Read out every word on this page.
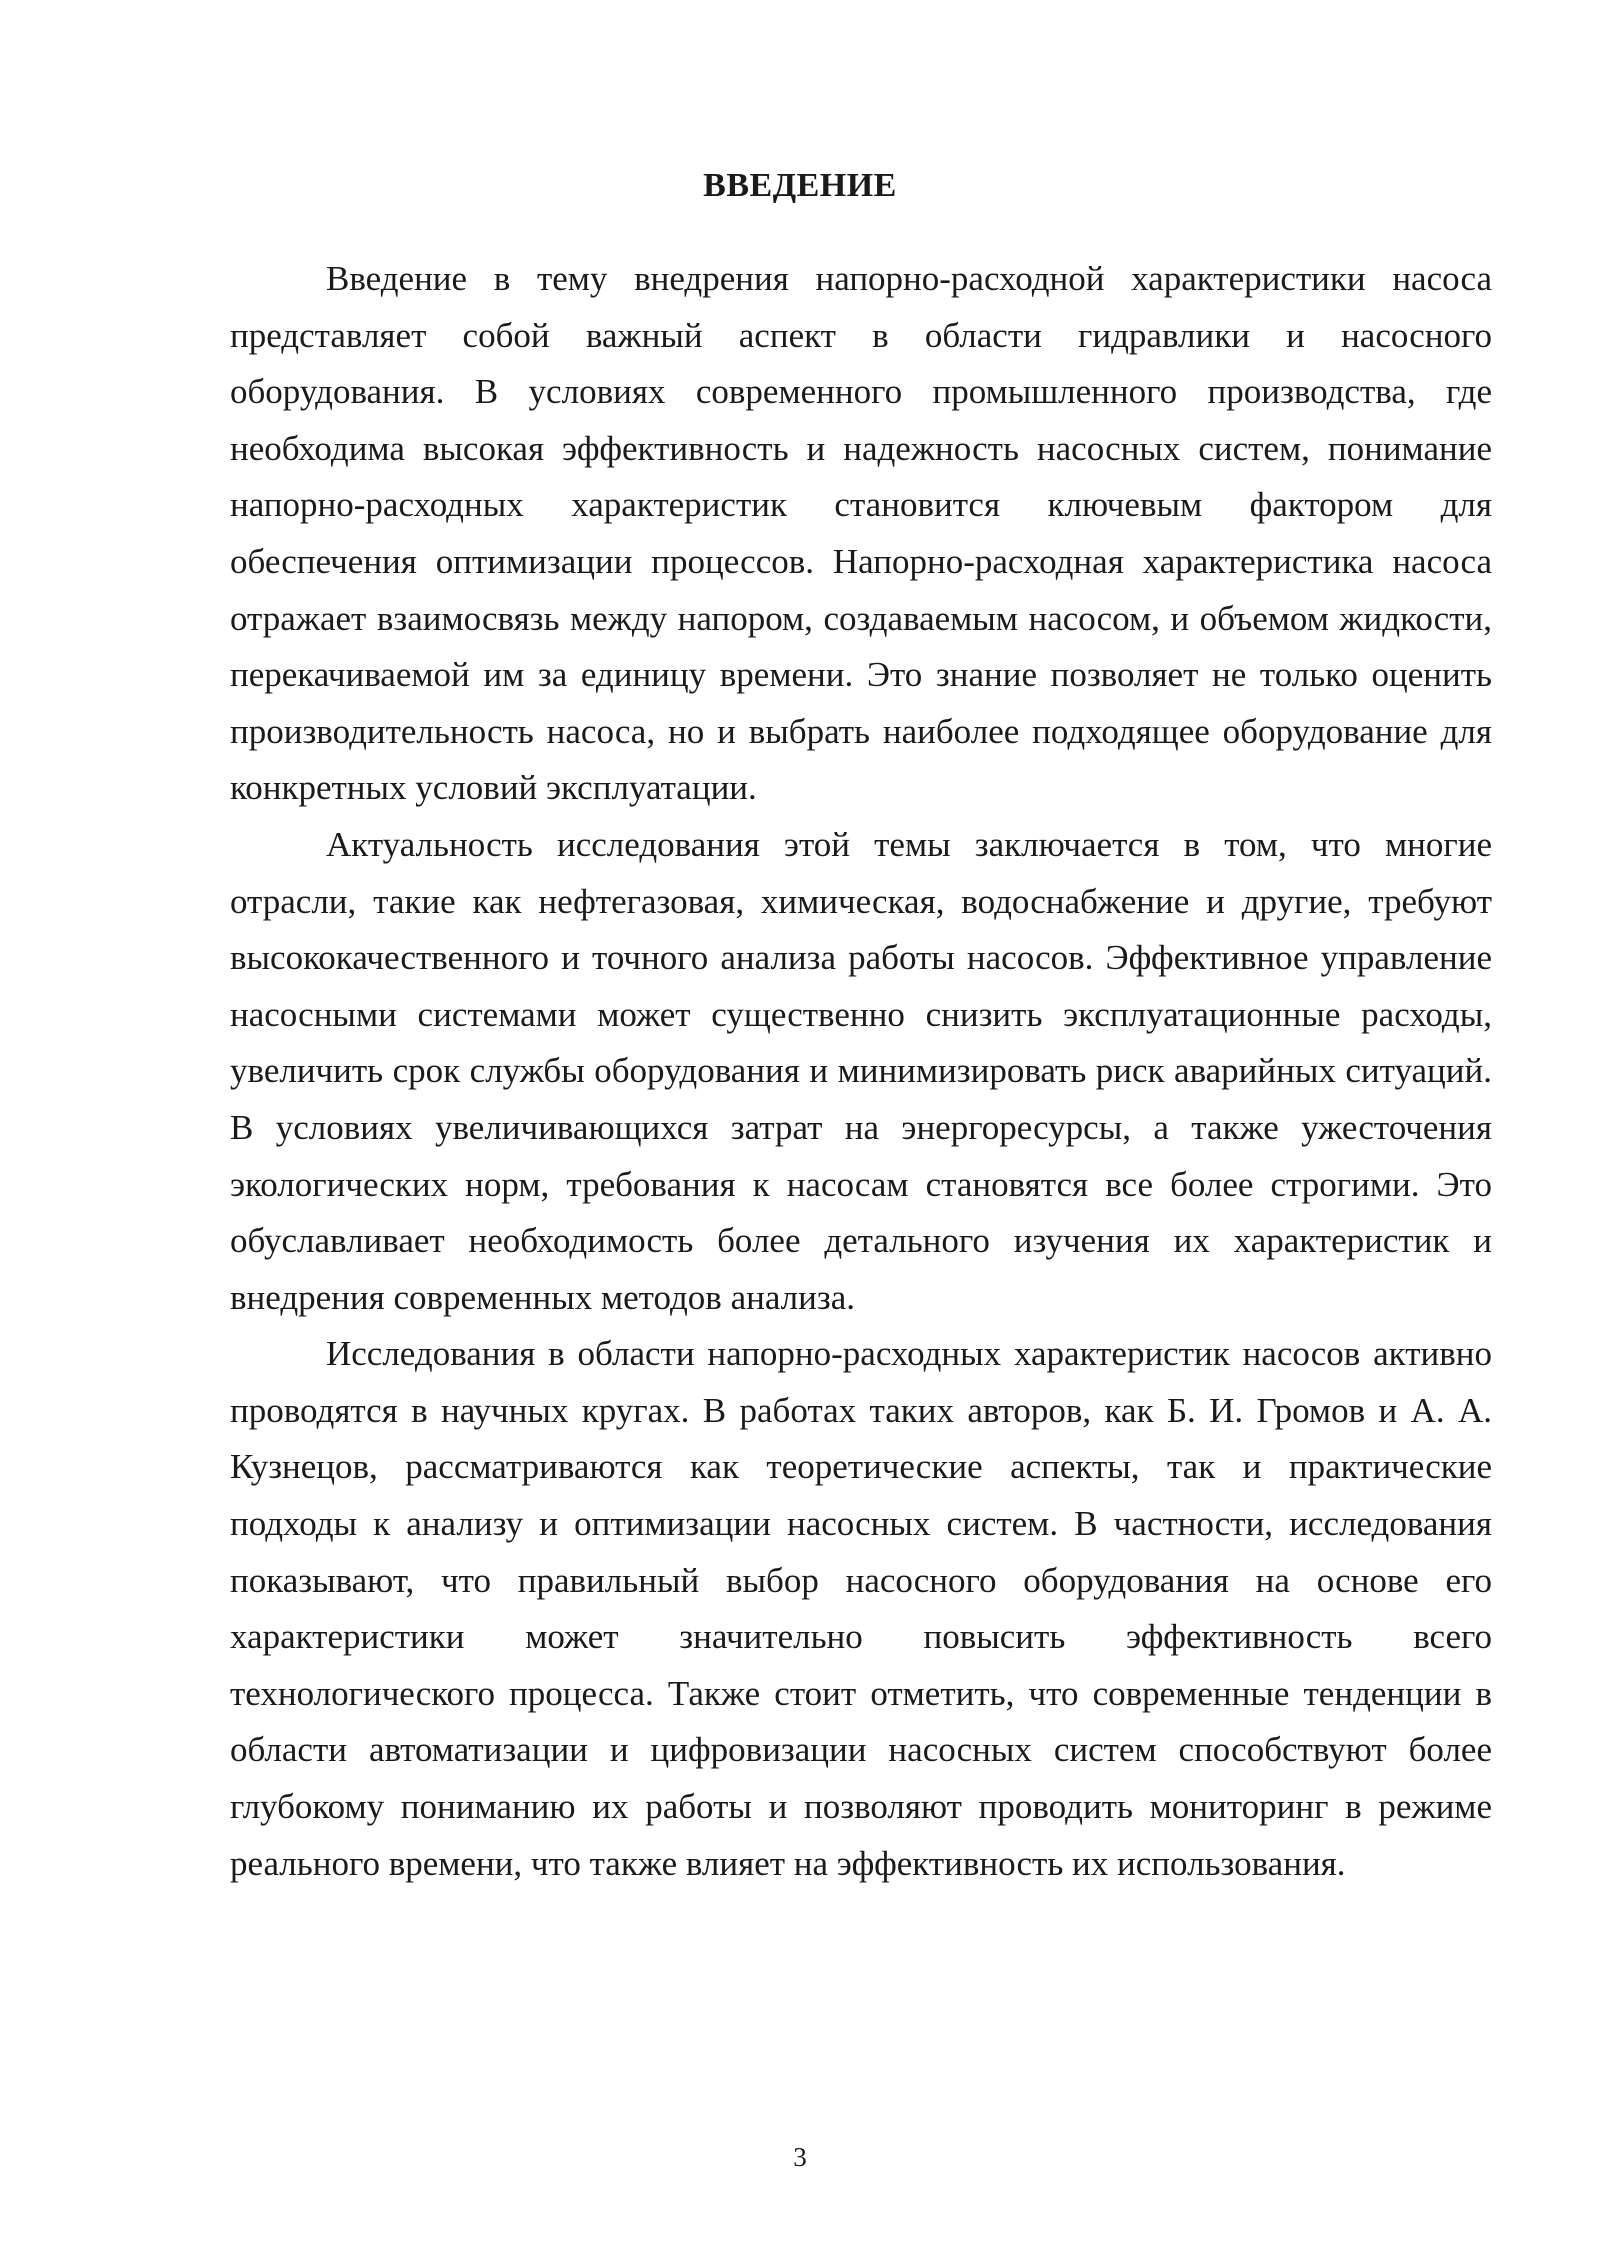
ВВЕДЕНИЕ

Введение в тему внедрения напорно-расходной характеристики насоса представляет собой важный аспект в области гидравлики и насосного оборудования. В условиях современного промышленного производства, где необходима высокая эффективность и надежность насосных систем, понимание напорно-расходных характеристик становится ключевым фактором для обеспечения оптимизации процессов. Напорно-расходная характеристика насоса отражает взаимосвязь между напором, создаваемым насосом, и объемом жидкости, перекачиваемой им за единицу времени. Это знание позволяет не только оценить производительность насоса, но и выбрать наиболее подходящее оборудование для конкретных условий эксплуатации.

Актуальность исследования этой темы заключается в том, что многие отрасли, такие как нефтегазовая, химическая, водоснабжение и другие, требуют высококачественного и точного анализа работы насосов. Эффективное управление насосными системами может существенно снизить эксплуатационные расходы, увеличить срок службы оборудования и минимизировать риск аварийных ситуаций. В условиях увеличивающихся затрат на энергоресурсы, а также ужесточения экологических норм, требования к насосам становятся все более строгими. Это обуславливает необходимость более детального изучения их характеристик и внедрения современных методов анализа.

Исследования в области напорно-расходных характеристик насосов активно проводятся в научных кругах. В работах таких авторов, как Б. И. Громов и А. А. Кузнецов, рассматриваются как теоретические аспекты, так и практические подходы к анализу и оптимизации насосных систем. В частности, исследования показывают, что правильный выбор насосного оборудования на основе его характеристики может значительно повысить эффективность всего технологического процесса. Также стоит отметить, что современные тенденции в области автоматизации и цифровизации насосных систем способствуют более глубокому пониманию их работы и позволяют проводить мониторинг в режиме реального времени, что также влияет на эффективность их использования.

3
